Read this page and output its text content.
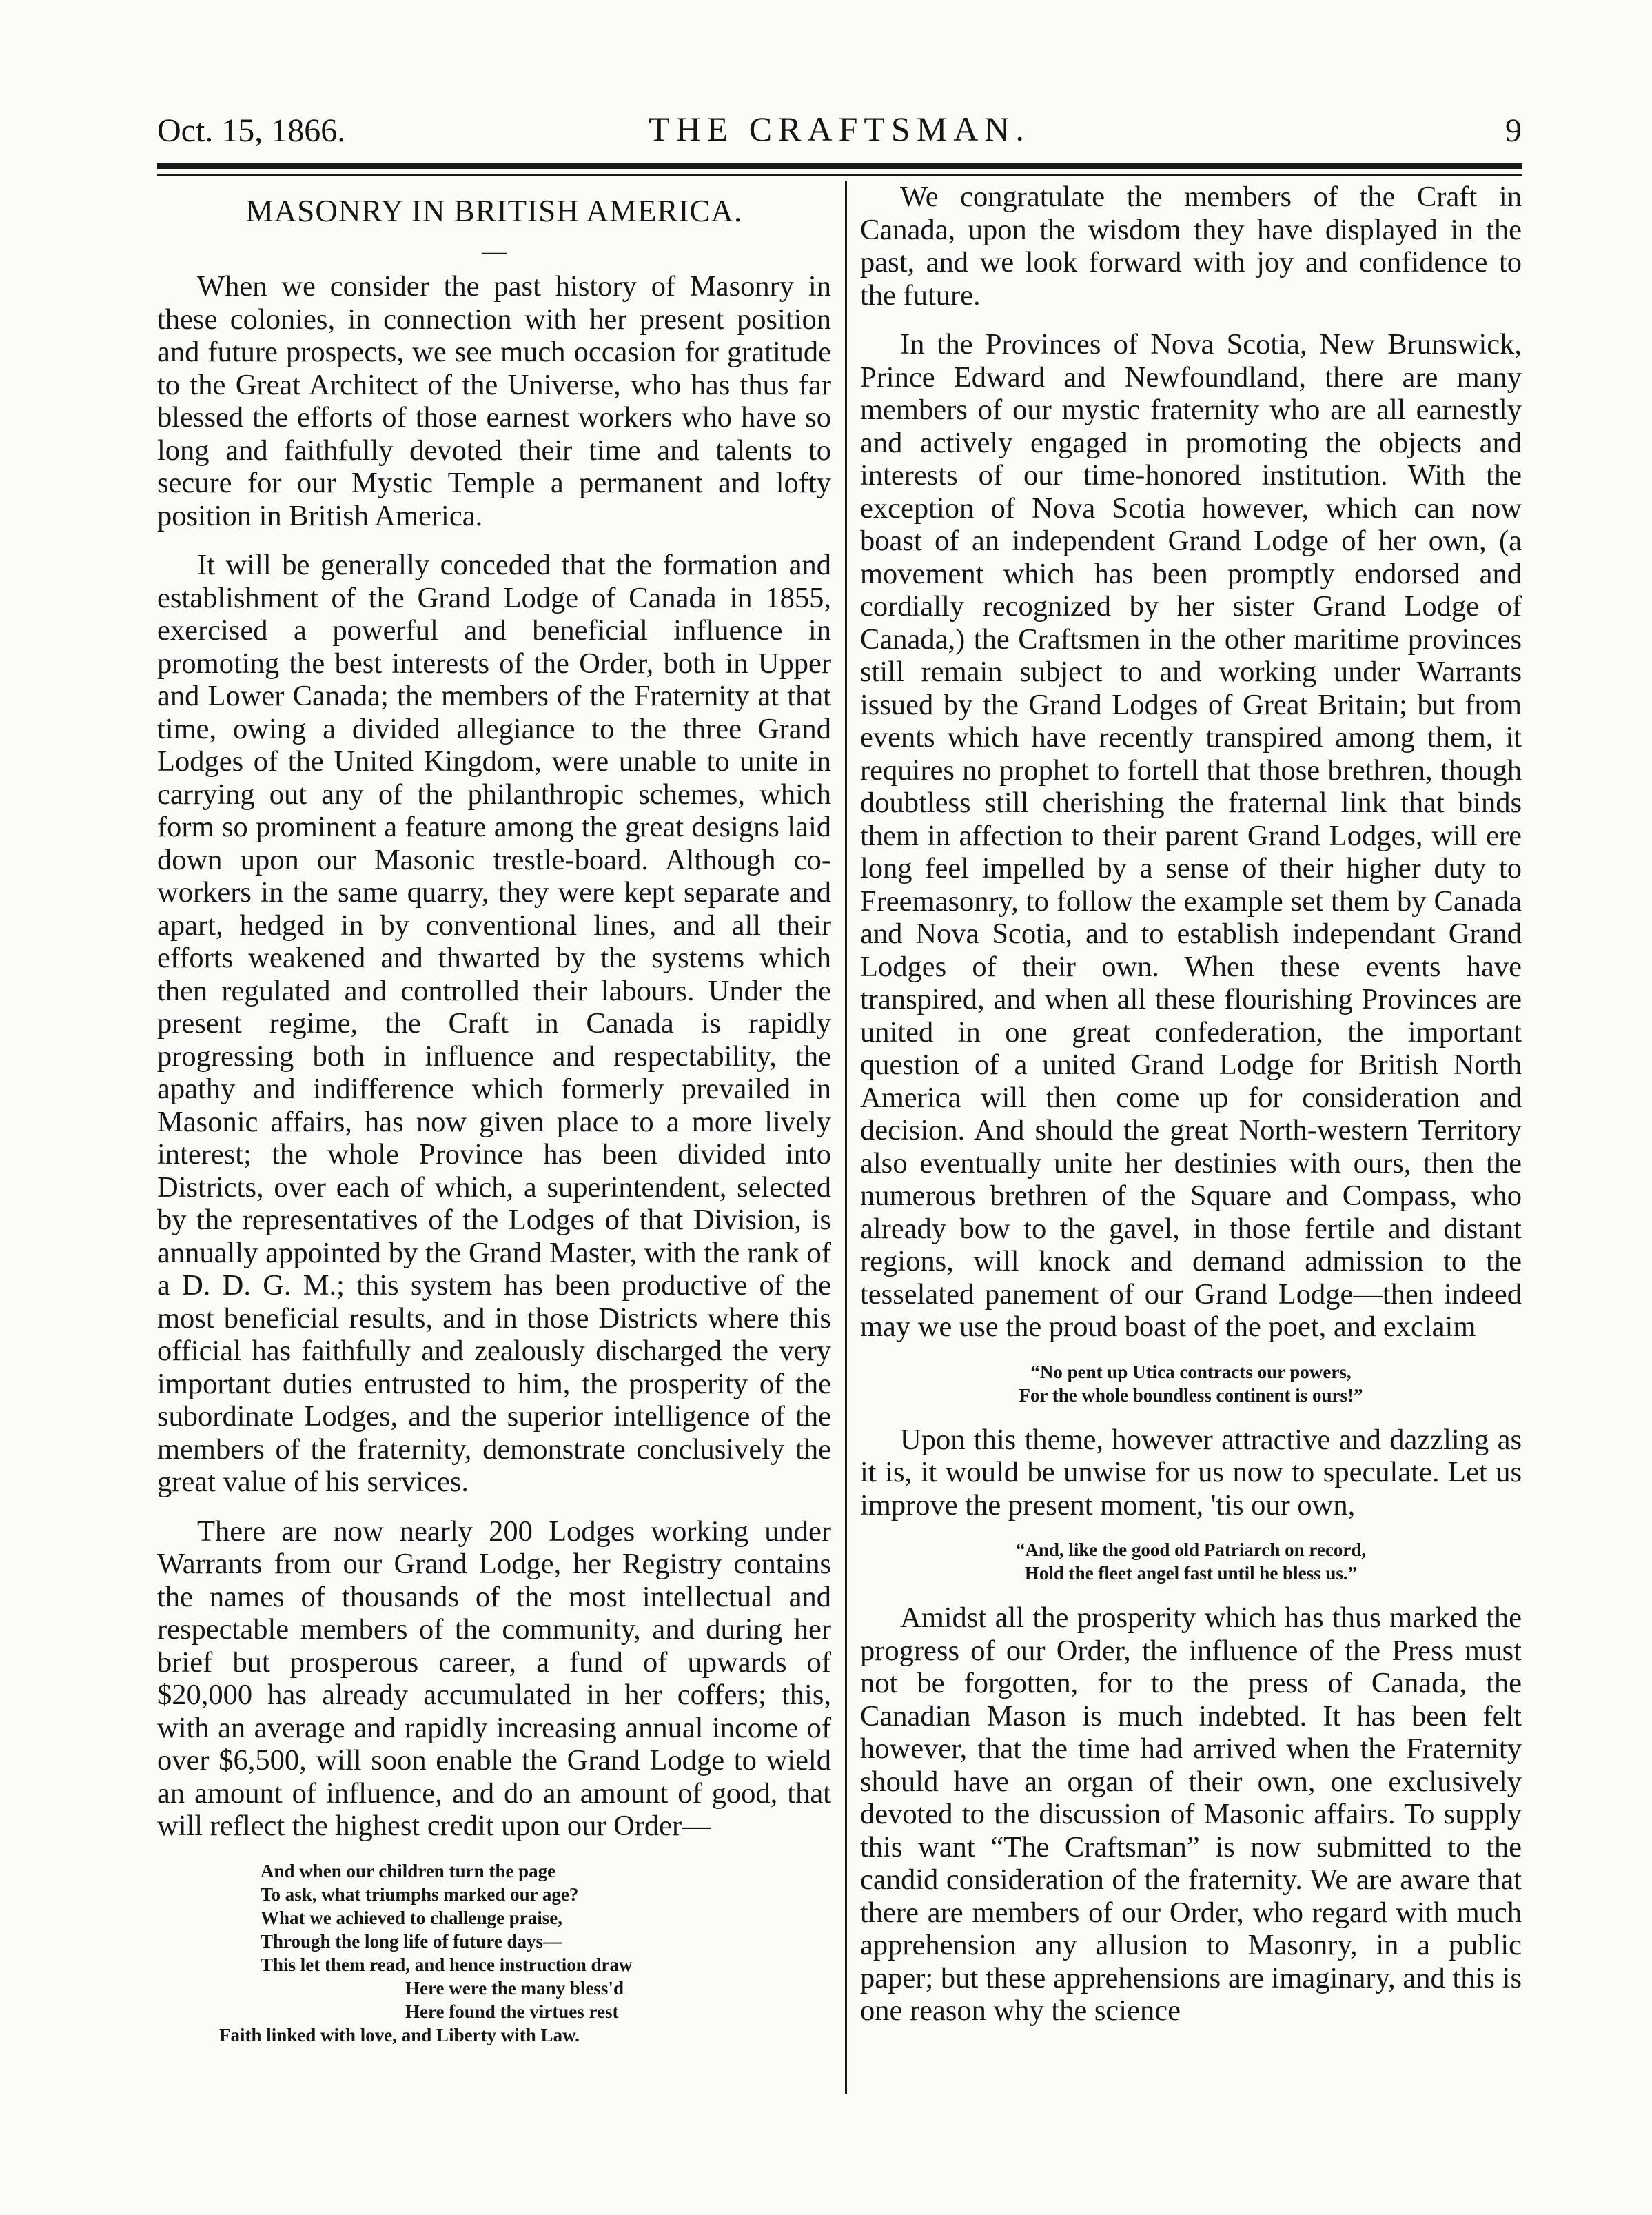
Oct. 15, 1866.	THE CRAFTSMAN.	9
MASONRY IN BRITISH AMERICA.
—

When we consider the past history of Masonry in these colonies, in connection with her present position and future prospects, we see much occasion for gratitude to the Great Architect of the Universe, who has thus far blessed the efforts of those earnest workers who have so long and faithfully devoted their time and talents to secure for our Mystic Temple a permanent and lofty position in British America.

It will be generally conceded that the formation and establishment of the Grand Lodge of Canada in 1855, exercised a powerful and beneficial influence in promoting the best interests of the Order, both in Upper and Lower Canada; the members of the Fraternity at that time, owing a divided allegiance to the three Grand Lodges of the United Kingdom, were unable to unite in carrying out any of the philanthropic schemes, which form so prominent a feature among the great designs laid down upon our Masonic trestle-board. Although co-workers in the same quarry, they were kept separate and apart, hedged in by conventional lines, and all their efforts weakened and thwarted by the systems which then regulated and controlled their labours. Under the present regime, the Craft in Canada is rapidly progressing both in influence and respectability, the apathy and indifference which formerly prevailed in Masonic affairs, has now given place to a more lively interest; the whole Province has been divided into Districts, over each of which, a superintendent, selected by the representatives of the Lodges of that Division, is annually appointed by the Grand Master, with the rank of a D. D. G. M.; this system has been productive of the most beneficial results, and in those Districts where this official has faithfully and zealously discharged the very important duties entrusted to him, the prosperity of the subordinate Lodges, and the superior intelligence of the members of the fraternity, demonstrate conclusively the great value of his services.

There are now nearly 200 Lodges working under Warrants from our Grand Lodge, her Registry contains the names of thousands of the most intellectual and respectable members of the community, and during her brief but prosperous career, a fund of upwards of $20,000 has already accumulated in her coffers; this, with an average and rapidly increasing annual income of over $6,500, will soon enable the Grand Lodge to wield an amount of influence, and do an amount of good, that will reflect the highest credit upon our Order—

And when our children turn the page
To ask, what triumphs marked our age?
What we achieved to challenge praise,
Through the long life of future days—
This let them read, and hence instruction draw
Here were the many bless'd
Here found the virtues rest
Faith linked with love, and Liberty with Law.

We congratulate the members of the Craft in Canada, upon the wisdom they have displayed in the past, and we look forward with joy and confidence to the future.

In the Provinces of Nova Scotia, New Brunswick, Prince Edward and Newfoundland, there are many members of our mystic fraternity who are all earnestly and actively engaged in promoting the objects and interests of our time-honored institution. With the exception of Nova Scotia however, which can now boast of an independent Grand Lodge of her own, (a movement which has been promptly endorsed and cordially recognized by her sister Grand Lodge of Canada,) the Craftsmen in the other maritime provinces still remain subject to and working under Warrants issued by the Grand Lodges of Great Britain; but from events which have recently transpired among them, it requires no prophet to fortell that those brethren, though doubtless still cherishing the fraternal link that binds them in affection to their parent Grand Lodges, will ere long feel impelled by a sense of their higher duty to Freemasonry, to follow the example set them by Canada and Nova Scotia, and to establish independant Grand Lodges of their own. When these events have transpired, and when all these flourishing Provinces are united in one great confederation, the important question of a united Grand Lodge for British North America will then come up for consideration and decision. And should the great North-western Territory also eventually unite her destinies with ours, then the numerous brethren of the Square and Compass, who already bow to the gavel, in those fertile and distant regions, will knock and demand admission to the tesselated panement of our Grand Lodge—then indeed may we use the proud boast of the poet, and exclaim

“No pent up Utica contracts our powers,
For the whole boundless continent is ours!”

Upon this theme, however attractive and dazzling as it is, it would be unwise for us now to speculate. Let us improve the present moment, 'tis our own,

“And, like the good old Patriarch on record,
Hold the fleet angel fast until he bless us.”

Amidst all the prosperity which has thus marked the progress of our Order, the influence of the Press must not be forgotten, for to the press of Canada, the Canadian Mason is much indebted. It has been felt however, that the time had arrived when the Fraternity should have an organ of their own, one exclusively devoted to the discussion of Masonic affairs. To supply this want “The Craftsman” is now submitted to the candid consideration of the fraternity. We are aware that there are members of our Order, who regard with much apprehension any allusion to Masonry, in a public paper; but these apprehensions are imaginary, and this is one reason why the science
